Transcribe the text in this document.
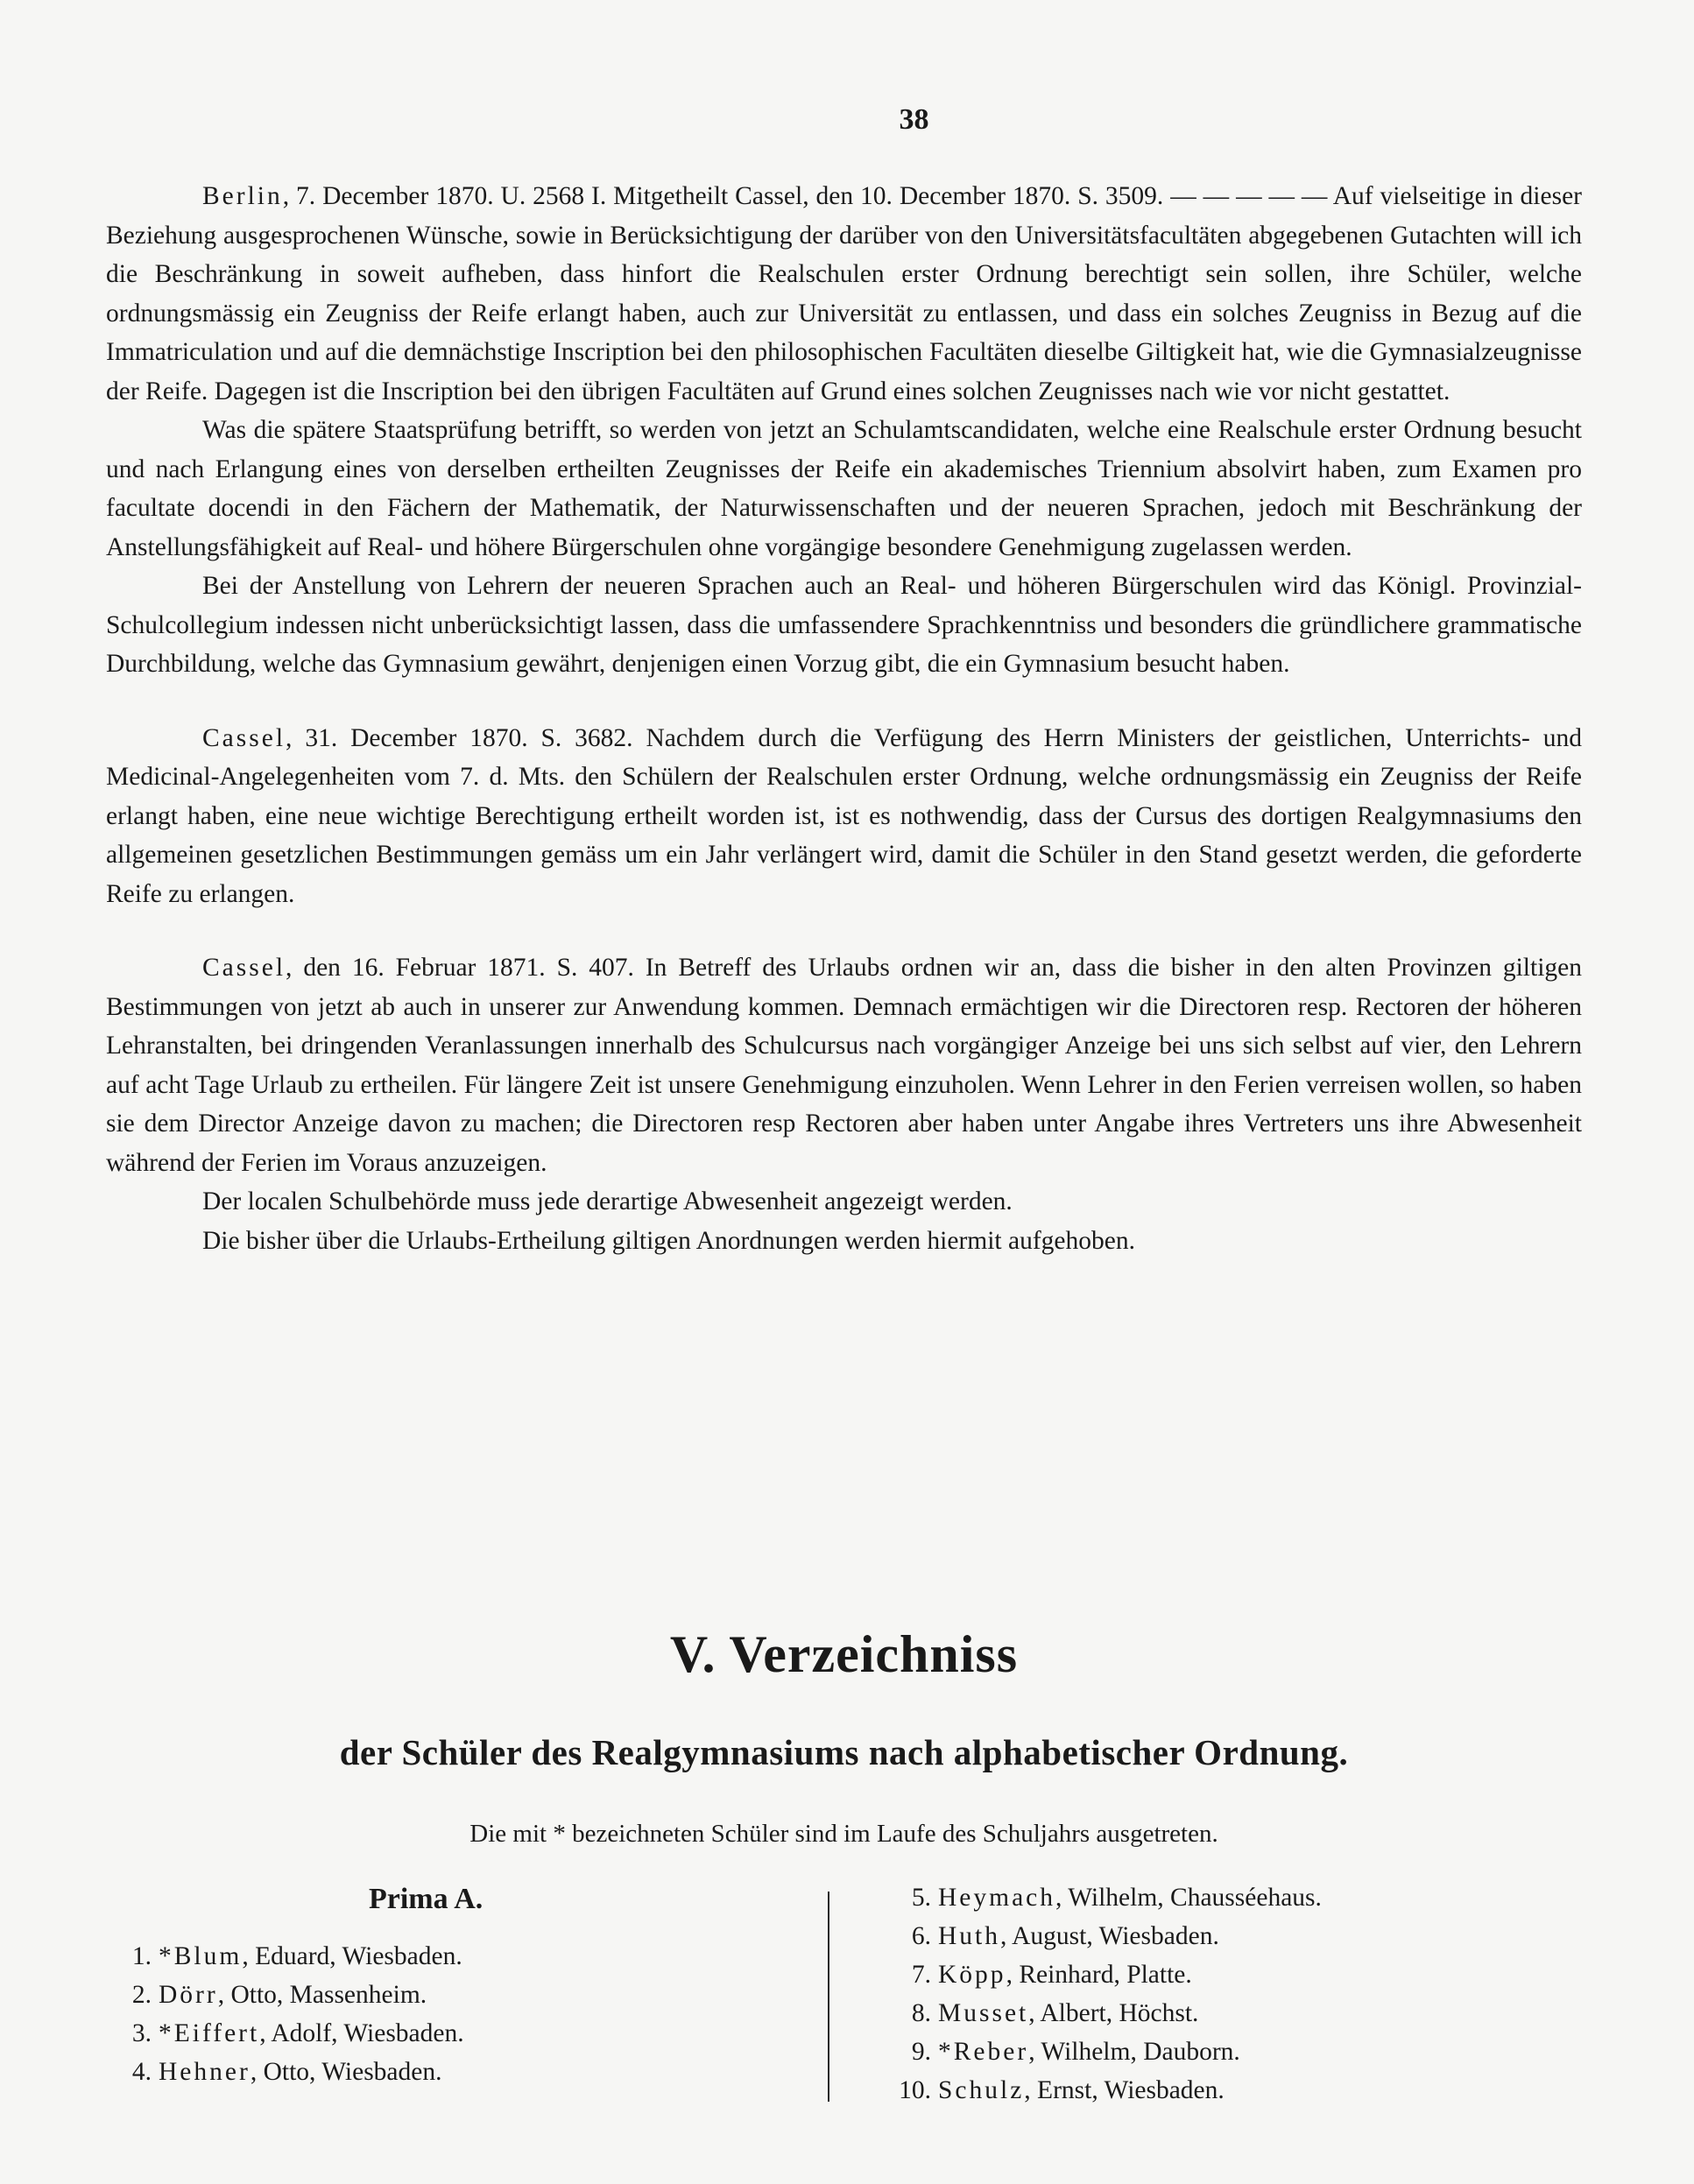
38

Berlin, 7. December 1870. U. 2568 I. Mitgetheilt Cassel, den 10. December 1870. S. 3509. — — — — — Auf vielseitige in dieser Beziehung ausgesprochenen Wünsche, sowie in Berücksichtigung der darüber von den Universitätsfacultäten abgegebenen Gutachten will ich die Beschränkung in soweit aufheben, dass hinfort die Realschulen erster Ordnung berechtigt sein sollen, ihre Schüler, welche ordnungsmässig ein Zeugniss der Reife erlangt haben, auch zur Universität zu entlassen, und dass ein solches Zeugniss in Bezug auf die Immatriculation und auf die demnächstige Inscription bei den philosophischen Facultäten dieselbe Giltigkeit hat, wie die Gymnasialzeugnisse der Reife. Dagegen ist die Inscription bei den übrigen Facultäten auf Grund eines solchen Zeugnisses nach wie vor nicht gestattet.

Was die spätere Staatsprüfung betrifft, so werden von jetzt an Schulamtscandidaten, welche eine Realschule erster Ordnung besucht und nach Erlangung eines von derselben ertheilten Zeugnisses der Reife ein akademisches Triennium absolvirt haben, zum Examen pro facultate docendi in den Fächern der Mathematik, der Naturwissenschaften und der neueren Sprachen, jedoch mit Beschränkung der Anstellungsfähigkeit auf Real- und höhere Bürgerschulen ohne vorgängige besondere Genehmigung zugelassen werden.

Bei der Anstellung von Lehrern der neueren Sprachen auch an Real- und höheren Bürgerschulen wird das Königl. Provinzial-Schulcollegium indessen nicht unberücksichtigt lassen, dass die umfassendere Sprachkenntniss und besonders die gründlichere grammatische Durchbildung, welche das Gymnasium gewährt, denjenigen einen Vorzug gibt, die ein Gymnasium besucht haben.

Cassel, 31. December 1870. S. 3682. Nachdem durch die Verfügung des Herrn Ministers der geistlichen, Unterrichts- und Medicinal-Angelegenheiten vom 7. d. Mts. den Schülern der Realschulen erster Ordnung, welche ordnungsmässig ein Zeugniss der Reife erlangt haben, eine neue wichtige Berechtigung ertheilt worden ist, ist es nothwendig, dass der Cursus des dortigen Realgymnasiums den allgemeinen gesetzlichen Bestimmungen gemäss um ein Jahr verlängert wird, damit die Schüler in den Stand gesetzt werden, die geforderte Reife zu erlangen.

Cassel, den 16. Februar 1871. S. 407. In Betreff des Urlaubs ordnen wir an, dass die bisher in den alten Provinzen giltigen Bestimmungen von jetzt ab auch in unserer zur Anwendung kommen. Demnach ermächtigen wir die Directoren resp. Rectoren der höheren Lehranstalten, bei dringenden Veranlassungen innerhalb des Schulcursus nach vorgängiger Anzeige bei uns sich selbst auf vier, den Lehrern auf acht Tage Urlaub zu ertheilen. Für längere Zeit ist unsere Genehmigung einzuholen. Wenn Lehrer in den Ferien verreisen wollen, so haben sie dem Director Anzeige davon zu machen; die Directoren resp Rectoren aber haben unter Angabe ihres Vertreters uns ihre Abwesenheit während der Ferien im Voraus anzuzeigen.

Der localen Schulbehörde muss jede derartige Abwesenheit angezeigt werden.

Die bisher über die Urlaubs-Ertheilung giltigen Anordnungen werden hiermit aufgehoben.

V. Verzeichniss
der Schüler des Realgymnasiums nach alphabetischer Ordnung.
Die mit * bezeichneten Schüler sind im Laufe des Schuljahrs ausgetreten.
Prima A.
1. *Blum, Eduard, Wiesbaden.
2. Dörr, Otto, Massenheim.
3. *Eiffert, Adolf, Wiesbaden.
4. Hehner, Otto, Wiesbaden.
5. Heymach, Wilhelm, Chausséehaus.
6. Huth, August, Wiesbaden.
7. Köpp, Reinhard, Platte.
8. Musset, Albert, Höchst.
9. *Reber, Wilhelm, Dauborn.
10. Schulz, Ernst, Wiesbaden.
